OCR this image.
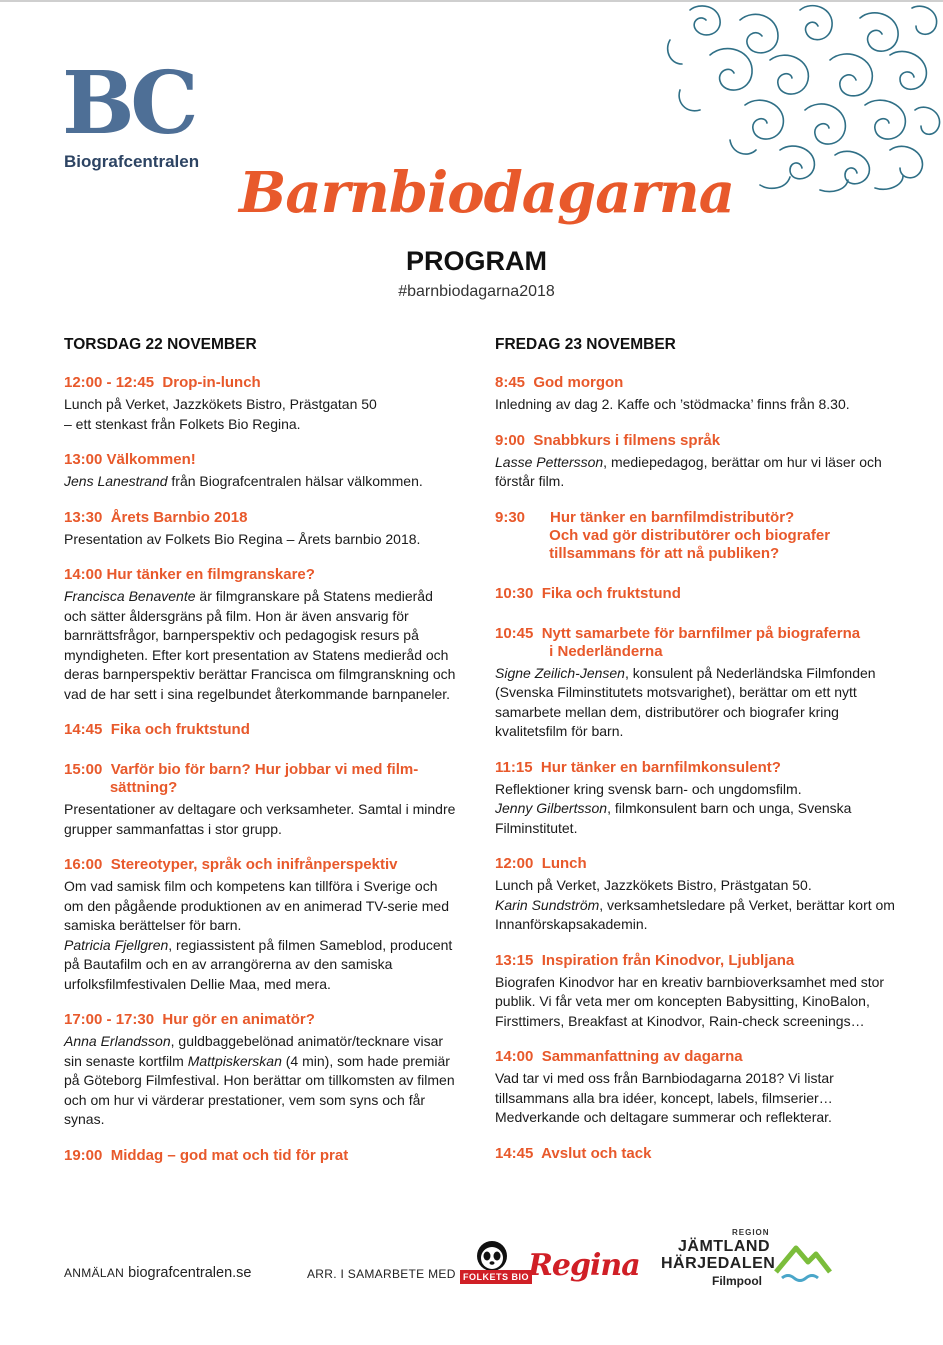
BC
Biografcentralen Barnbiodagarna
PROGRAM
#barnbiodagarna2018
TORSDAG 22 NOVEMBER
12:00 - 12:45  Drop-in-lunch
Lunch på Verket, Jazzkökets Bistro, Prästgatan 50
– ett stenkast från Folkets Bio Regina.
13:00 Välkommen!
Jens Lanestrand från Biografcentralen hälsar välkommen.
13:30  Årets Barnbio 2018
Presentation av Folkets Bio Regina – Årets barnbio 2018.
14:00 Hur tänker en filmgranskare?
Francisca Benavente är filmgranskare på Statens medieråd och sätter åldersgräns på film. Hon är även ansvarig för barnrättsfrågor, barnperspektiv och pedagogisk resurs på myndigheten. Efter kort presentation av Statens medieråd och deras barnperspektiv berättar Francisca om filmgranskning och vad de har sett i sina regelbundet återkommande barnpaneler.
14:45  Fika och fruktstund
15:00  Varför bio för barn? Hur jobbar vi med film-
sättning?
Presentationer av deltagare och verksamheter. Samtal i mindre grupper sammanfattas i stor grupp.
16:00  Stereotyper, språk och inifrånperspektiv
Om vad samisk film och kompetens kan tillföra i Sverige och om den pågående produktionen av en animerad TV-serie med samiska berättelser för barn.
Patricia Fjellgren, regiassistent på filmen Sameblod, producent på Bautafilm och en av arrangörerna av den samiska urfolksfilmfestivalen Dellie Maa, med mera.
17:00 - 17:30  Hur gör en animatör?
Anna Erlandsson, guldbaggebelönad animatör/tecknare visar sin senaste kortfilm Mattpiskerskan (4 min), som hade premiär på Göteborg Filmfestival. Hon berättar om tillkomsten av filmen och om hur vi värderar prestationer, vem som syns och får synas.
19:00  Middag – god mat och tid för prat
FREDAG 23 NOVEMBER
8:45  God morgon
Inledning av dag 2. Kaffe och ’stödmacka’ finns från 8.30.
9:00  Snabbkurs i filmens språk
Lasse Pettersson, mediepedagog, berättar om hur vi läser och förstår film.
9:30      Hur tänker en barnfilmdistributör?
Och vad gör distributörer och biografer
tillsammans för att nå publiken?
10:30  Fika och fruktstund
10:45  Nytt samarbete för barnfilmer på biograferna
i Nederländerna
Signe Zeilich-Jensen, konsulent på Nederländska Filmfonden (Svenska Filminstitutets motsvarighet), berättar om ett nytt samarbete mellan dem, distributörer och biografer kring kvalitetsfilm för barn.
11:15  Hur tänker en barnfilmkonsulent?
Reflektioner kring svensk barn- och ungdomsfilm.
Jenny Gilbertsson, filmkonsulent barn och unga, Svenska Filminstitutet.
12:00  Lunch
Lunch på Verket, Jazzkökets Bistro, Prästgatan 50.
Karin Sundström, verksamhetsledare på Verket, berättar kort om Innanförskapsakademin.
13:15  Inspiration från Kinodvor, Ljubljana
Biografen Kinodvor har en kreativ barnbioverksamhet med stor publik. Vi får veta mer om koncepten Babysitting, KinoBalon, Firsttimers, Breakfast at Kinodvor, Rain-check screenings…
14:00  Sammanfattning av dagarna
Vad tar vi med oss från Barnbiodagarna 2018? Vi listar tillsammans alla bra idéer, koncept, labels, filmserier… Medverkande och deltagare summerar och reflekterar.
14:45  Avslut och tack
ANMÄLAN biografcentralen.se	ARR. I SAMARBETE MED FOLKETS BIO Regina
REGION
JÄMTLAND
HÄRJEDALEN
Filmpool
